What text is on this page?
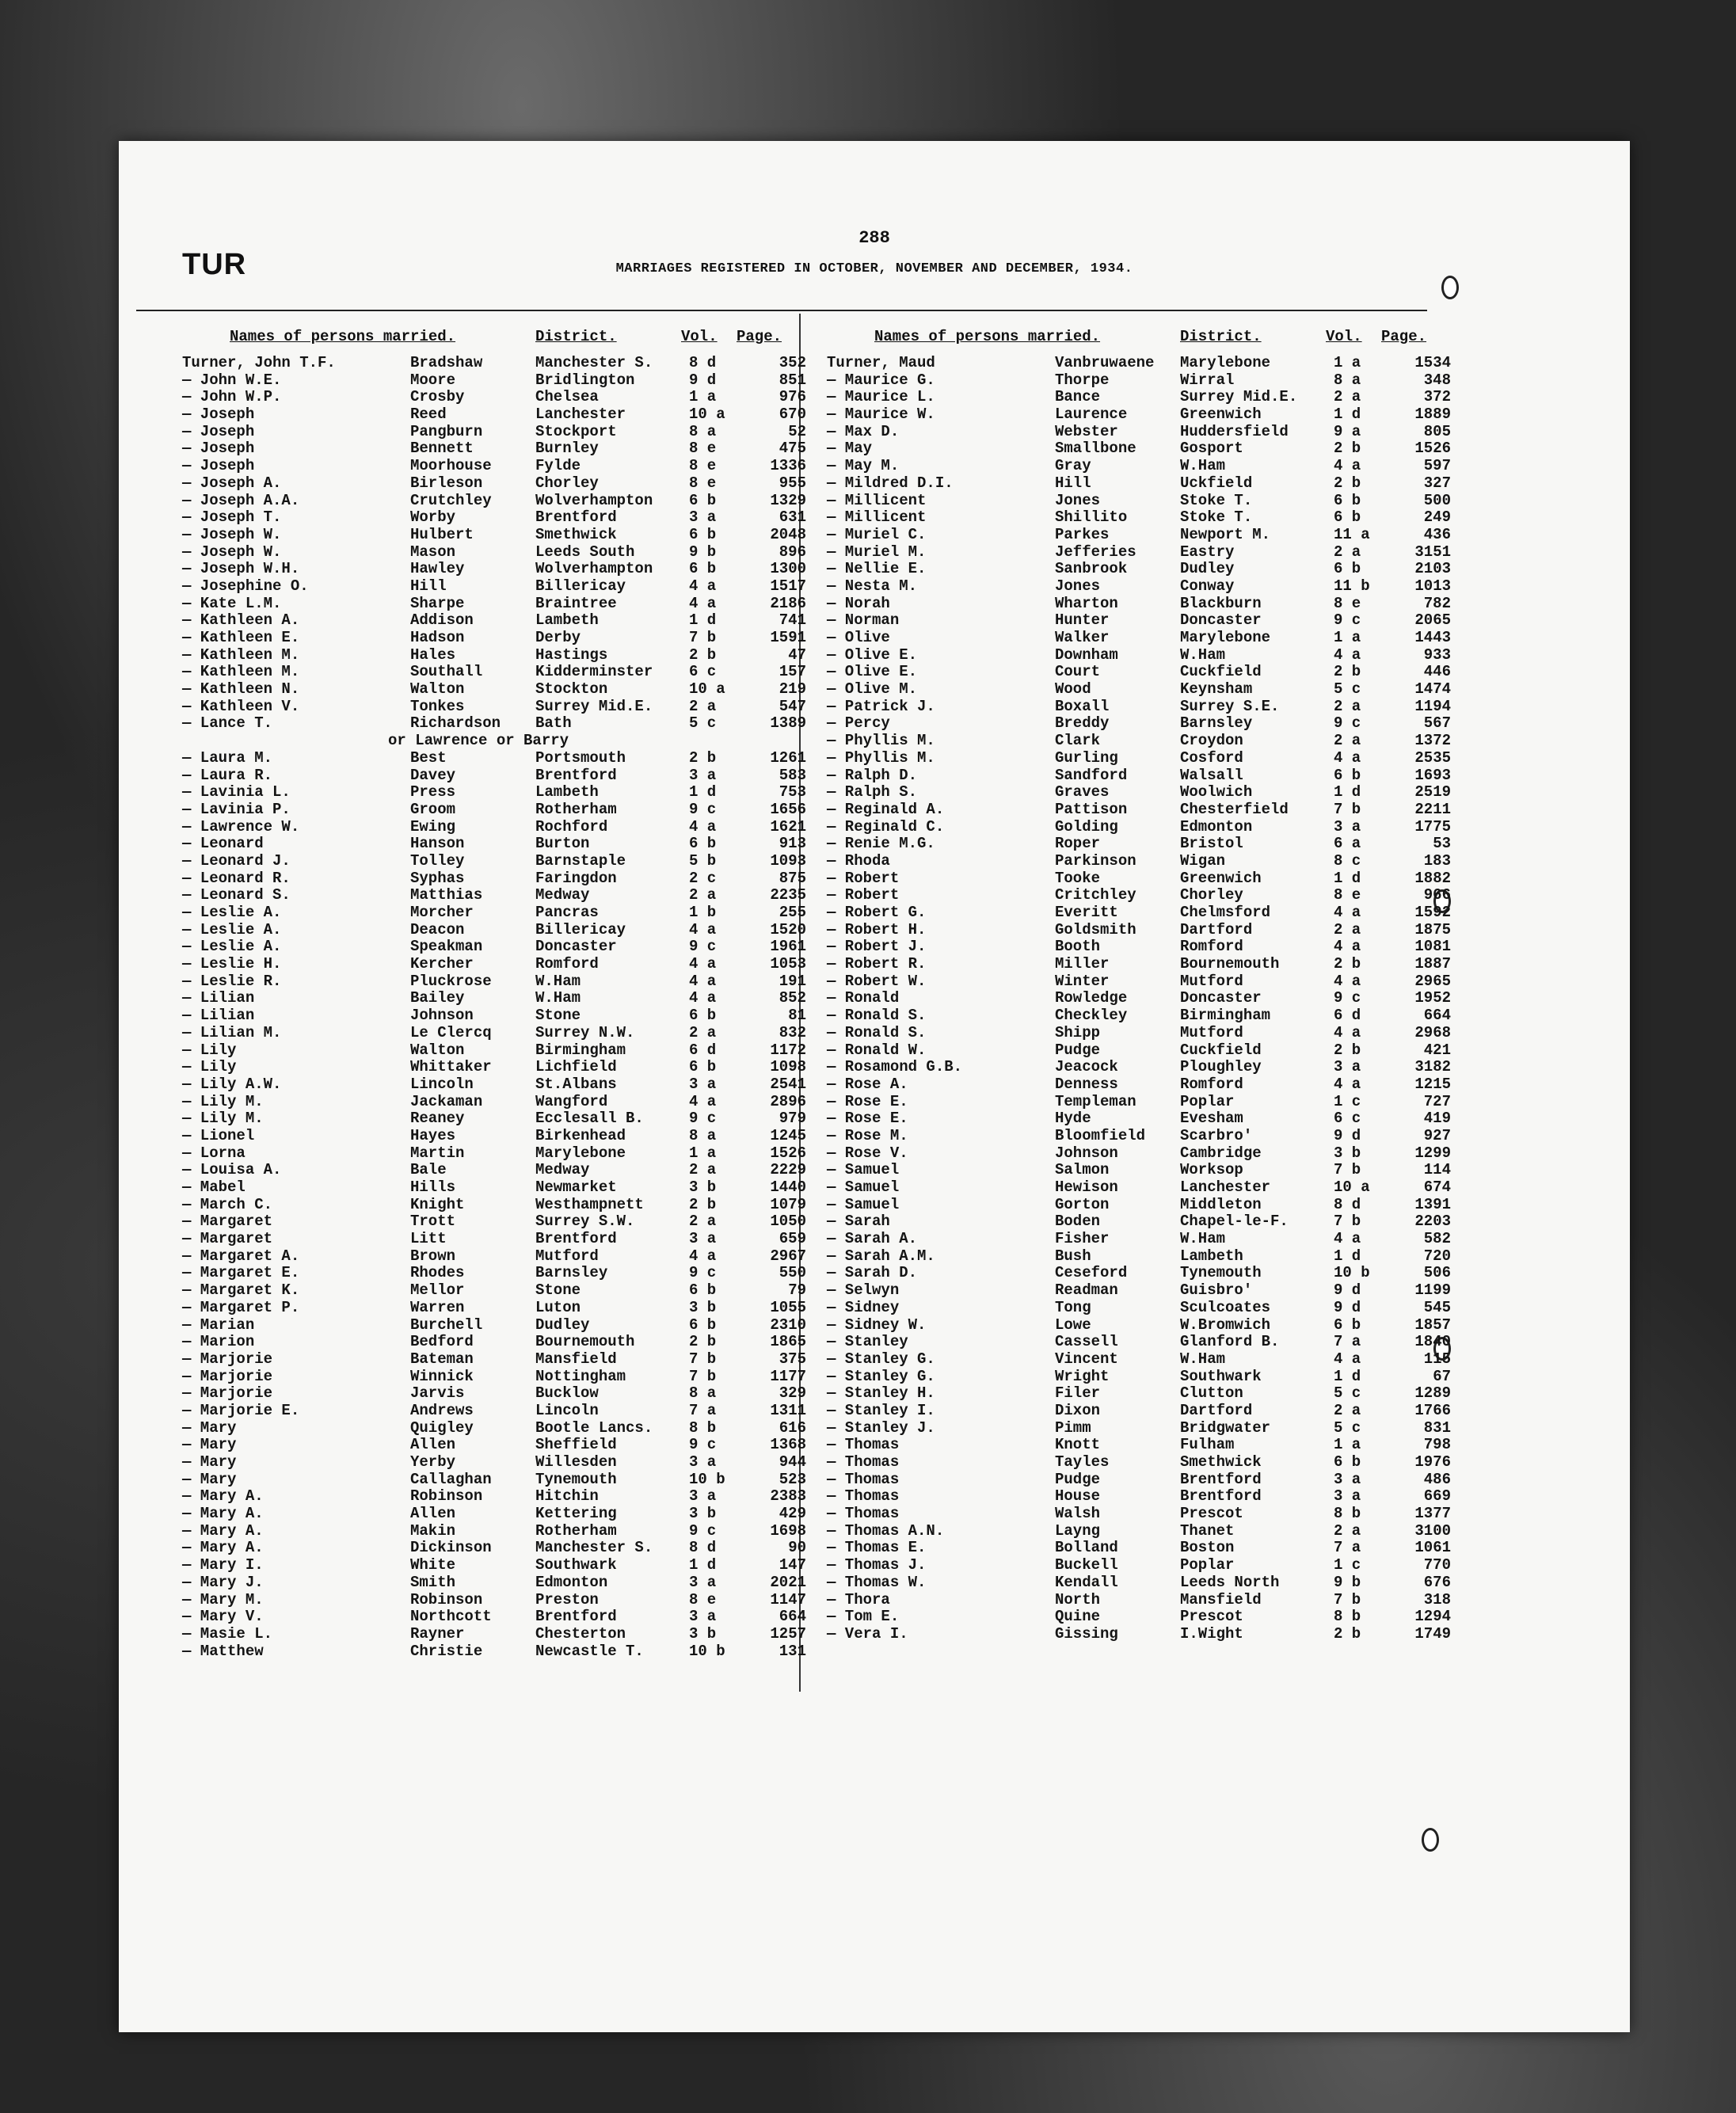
288
TUR	MARRIAGES REGISTERED IN OCTOBER, NOVEMBER AND DECEMBER, 1934.
Names of persons married.	District.	Vol. Page.
Turner, John T.F.	Bradshaw	Manchester S. 8 d	352
— John W.E.	Moore	Bridlington	9 d	851
— John W.P.	Crosby	Chelsea	1 a	976
— Joseph	Reed	Lanchester	10 a	670
— Joseph	Pangburn	Stockport	8 a	52
— Joseph	Bennett	Burnley	8 e	475
— Joseph	Moorhouse	Fylde	8 e	1336
— Joseph A.	Birleson	Chorley	8 e	955
— Joseph A.A.	Crutchley	Wolverhampton 6 b	1329
— Joseph T.	Worby	Brentford	3 a	631
— Joseph W.	Hulbert	Smethwick	6 b	2048
— Joseph W.	Mason	Leeds South	9 b	896
— Joseph W.H.	Hawley	Wolverhampton 6 b	1300
— Josephine O.	Hill	Billericay	4 a	1517
— Kate L.M.	Sharpe	Braintree	4 a	2186
— Kathleen A.	Addison	Lambeth	1 d	741
— Kathleen E.	Hadson	Derby	7 b	1591
— Kathleen M.	Hales	Hastings	2 b	47
— Kathleen M.	Southall	Kidderminster 6 c	157
— Kathleen N.	Walton	Stockton	10 a	219
— Kathleen V.	Tonkes	Surrey Mid.E. 2 a	547
— Lance T.	Richardson Bath	5 c	1389
or Lawrence or Barry
— Laura M.	Best	Portsmouth	2 b	1261
— Laura R.	Davey	Brentford	3 a	583
— Lavinia L.	Press	Lambeth	1 d	753
— Lavinia P.	Groom	Rotherham	9 c	1656
— Lawrence W.	Ewing	Rochford	4 a	1621
— Leonard	Hanson	Burton	6 b	913
— Leonard J.	Tolley	Barnstaple	5 b	1093
— Leonard R.	Syphas	Faringdon	2 c	875
— Leonard S.	Matthias	Medway	2 a	2235
— Leslie A.	Morcher	Pancras	1 b	255
— Leslie A.	Deacon	Billericay	4 a	1520
— Leslie A.	Speakman	Doncaster	9 c	1961
— Leslie H.	Kercher	Romford	4 a	1053
— Leslie R.	Pluckrose	W.Ham	4 a	191
— Lilian	Bailey	W.Ham	4 a	852
— Lilian	Johnson	Stone	6 b	81
— Lilian M.	Le Clercq	Surrey N.W.	2 a	832
— Lily	Walton	Birmingham	6 d	1172
— Lily	Whittaker	Lichfield	6 b	1098
— Lily A.W.	Lincoln	St.Albans	3 a	2541
— Lily M.	Jackaman	Wangford	4 a	2896
— Lily M.	Reaney	Ecclesall B.	9 c	979
— Lionel	Hayes	Birkenhead	8 a	1245
— Lorna	Martin	Marylebone	1 a	1526
— Louisa A.	Bale	Medway	2 a	2229
— Mabel	Hills	Newmarket	3 b	1440
— March C.	Knight	Westhampnett	2 b	1079
— Margaret	Trott	Surrey S.W.	2 a	1050
— Margaret	Litt	Brentford	3 a	659
— Margaret A.	Brown	Mutford	4 a	2967
— Margaret E.	Rhodes	Barnsley	9 c	550
— Margaret K.	Mellor	Stone	6 b	79
— Margaret P.	Warren	Luton	3 b	1055
— Marian	Burchell	Dudley	6 b	2310
— Marion	Bedford	Bournemouth	2 b	1865
— Marjorie	Bateman	Mansfield	7 b	375
— Marjorie	Winnick	Nottingham	7 b	1177
— Marjorie	Jarvis	Bucklow	8 a	329
— Marjorie E.	Andrews	Lincoln	7 a	1311
— Mary	Quigley	Bootle Lancs. 8 b	616
— Mary	Allen	Sheffield	9 c	1368
— Mary	Yerby	Willesden	3 a	944
— Mary	Callaghan	Tynemouth	10 b	523
— Mary A.	Robinson	Hitchin	3 a	2383
— Mary A.	Allen	Kettering	3 b	429
— Mary A.	Makin	Rotherham	9 c	1698
— Mary A.	Dickinson	Manchester S. 8 d	90
— Mary I.	White	Southwark	1 d	147
— Mary J.	Smith	Edmonton	3 a	2021
— Mary M.	Robinson	Preston	8 e	1147
— Mary V.	Northcott	Brentford	3 a	664
— Masie L.	Rayner	Chesterton	3 b	1257
— Matthew	Christie	Newcastle T.	10 b	131
Names of persons married.	District.	Vol. Page.
Turner, Maud	Vanbruwaene Marylebone	1 a	1534
— Maurice G.	Thorpe	Wirral	8 a	348
— Maurice L.	Bance	Surrey Mid.E. 2 a	372
— Maurice W.	Laurence	Greenwich	1 d	1889
— Max D.	Webster	Huddersfield	9 a	805
— May	Smallbone	Gosport	2 b	1526
— May M.	Gray	W.Ham	4 a	597
— Mildred D.I.	Hill	Uckfield	2 b	327
— Millicent	Jones	Stoke T.	6 b	500
— Millicent	Shillito	Stoke T.	6 b	249
— Muriel C.	Parkes	Newport M.	11 a	436
— Muriel M.	Jefferies	Eastry	2 a	3151
— Nellie E.	Sanbrook	Dudley	6 b	2103
— Nesta M.	Jones	Conway	11 b	1013
— Norah	Wharton	Blackburn	8 e	782
— Norman	Hunter	Doncaster	9 c	2065
— Olive	Walker	Marylebone	1 a	1443
— Olive E.	Downham	W.Ham	4 a	933
— Olive E.	Court	Cuckfield	2 b	446
— Olive M.	Wood	Keynsham	5 c	1474
— Patrick J.	Boxall	Surrey S.E.	2 a	1194
— Percy	Breddy	Barnsley	9 c	567
— Phyllis M.	Clark	Croydon	2 a	1372
— Phyllis M.	Gurling	Cosford	4 a	2535
— Ralph D.	Sandford	Walsall	6 b	1693
— Ralph S.	Graves	Woolwich	1 d	2519
— Reginald A.	Pattison	Chesterfield	7 b	2211
— Reginald C.	Golding	Edmonton	3 a	1775
— Renie M.G.	Roper	Bristol	6 a	53
— Rhoda	Parkinson	Wigan	8 c	183
— Robert	Tooke	Greenwich	1 d	1882
— Robert	Critchley	Chorley	8 e	966
— Robert G.	Everitt	Chelmsford	4 a	1592
— Robert H.	Goldsmith	Dartford	2 a	1875
— Robert J.	Booth	Romford	4 a	1081
— Robert R.	Miller	Bournemouth	2 b	1887
— Robert W.	Winter	Mutford	4 a	2965
— Ronald	Rowledge	Doncaster	9 c	1952
— Ronald S.	Checkley	Birmingham	6 d	664
— Ronald S.	Shipp	Mutford	4 a	2968
— Ronald W.	Pudge	Cuckfield	2 b	421
— Rosamond G.B.	Jeacock	Ploughley	3 a	3182
— Rose A.	Denness	Romford	4 a	1215
— Rose E.	Templeman	Poplar	1 c	727
— Rose E.	Hyde	Evesham	6 c	419
— Rose M.	Bloomfield Scarbro'	9 d	927
— Rose V.	Johnson	Cambridge	3 b	1299
— Samuel	Salmon	Worksop	7 b	114
— Samuel	Hewison	Lanchester	10 a	674
— Samuel	Gorton	Middleton	8 d	1391
— Sarah	Boden	Chapel-le-F.	7 b	2203
— Sarah A.	Fisher	W.Ham	4 a	582
— Sarah A.M.	Bush	Lambeth	1 d	720
— Sarah D.	Ceseford	Tynemouth	10 b	506
— Selwyn	Readman	Guisbro'	9 d	1199
— Sidney	Tong	Sculcoates	9 d	545
— Sidney W.	Lowe	W.Bromwich	6 b	1857
— Stanley	Cassell	Glanford B.	7 a	1840
— Stanley G.	Vincent	W.Ham	4 a	115
— Stanley G.	Wright	Southwark	1 d	67
— Stanley H.	Filer	Clutton	5 c	1289
— Stanley I.	Dixon	Dartford	2 a	1766
— Stanley J.	Pimm	Bridgwater	5 c	831
— Thomas	Knott	Fulham	1 a	798
— Thomas	Tayles	Smethwick	6 b	1976
— Thomas	Pudge	Brentford	3 a	486
— Thomas	House	Brentford	3 a	669
— Thomas	Walsh	Prescot	8 b	1377
— Thomas A.N.	Layng	Thanet	2 a	3100
— Thomas E.	Bolland	Boston	7 a	1061
— Thomas J.	Buckell	Poplar	1 c	770
— Thomas W.	Kendall	Leeds North	9 b	676
— Thora	North	Mansfield	7 b	318
— Tom E.	Quine	Prescot	8 b	1294
— Vera I.	Gissing	I.Wight	2 b	1749
